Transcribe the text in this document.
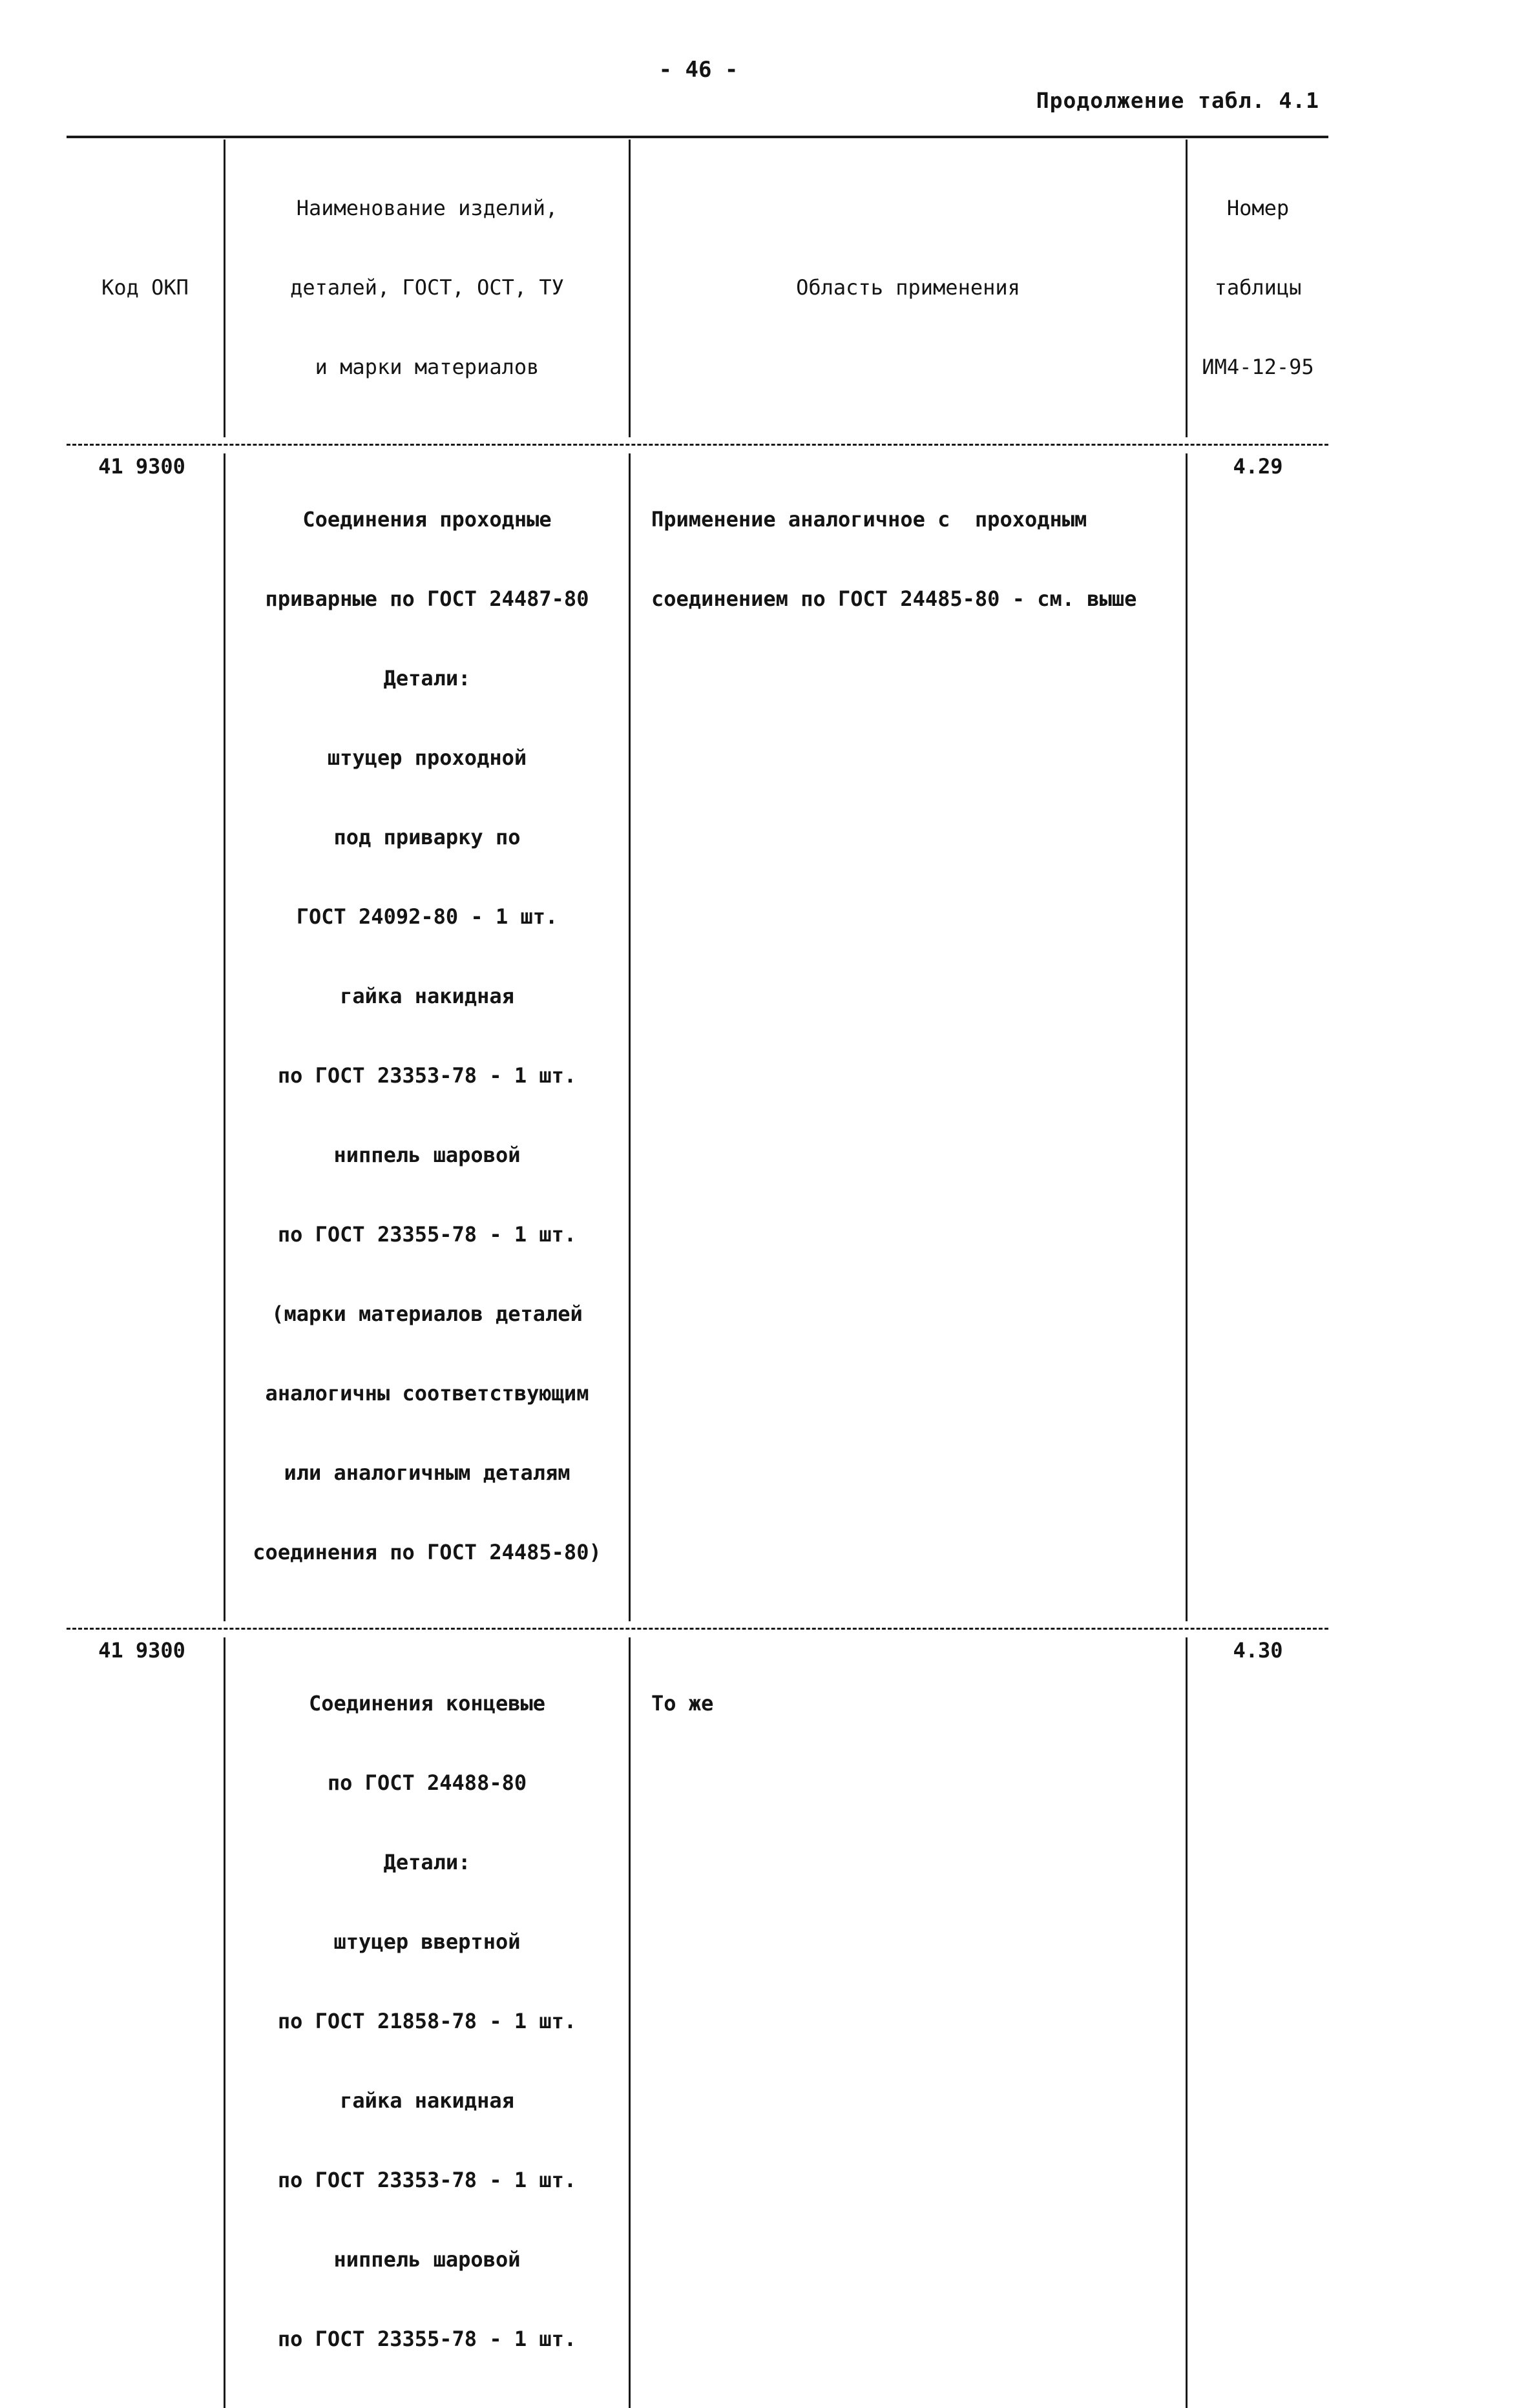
- 46 -
Продолжение табл. 4.1
Код ОКП

Наименование изделий,

деталей, ГОСТ, ОСТ, ТУ

и марки материалов

Область применения

Номер

таблицы

ИМ4-12-95

41 9300

Соединения проходные

приварные по ГОСТ 24487-80

Детали:

штуцер проходной

под приварку по

ГОСТ 24092-80 - 1 шт.

гайка накидная

по ГОСТ 23353-78 - 1 шт.

ниппель шаровой

по ГОСТ 23355-78 - 1 шт.

(марки материалов деталей

аналогичны соответствующим

или аналогичным деталям

соединения по ГОСТ 24485-80)

Применение аналогичное с  проходным

соединением по ГОСТ 24485-80 - см. выше

4.29
41 9300

Соединения концевые

по ГОСТ 24488-80

Детали:

штуцер ввертной

по ГОСТ 21858-78 - 1 шт.

гайка накидная

по ГОСТ 23353-78 - 1 шт.

ниппель шаровой

по ГОСТ 23355-78 - 1 шт.

То же

4.30
